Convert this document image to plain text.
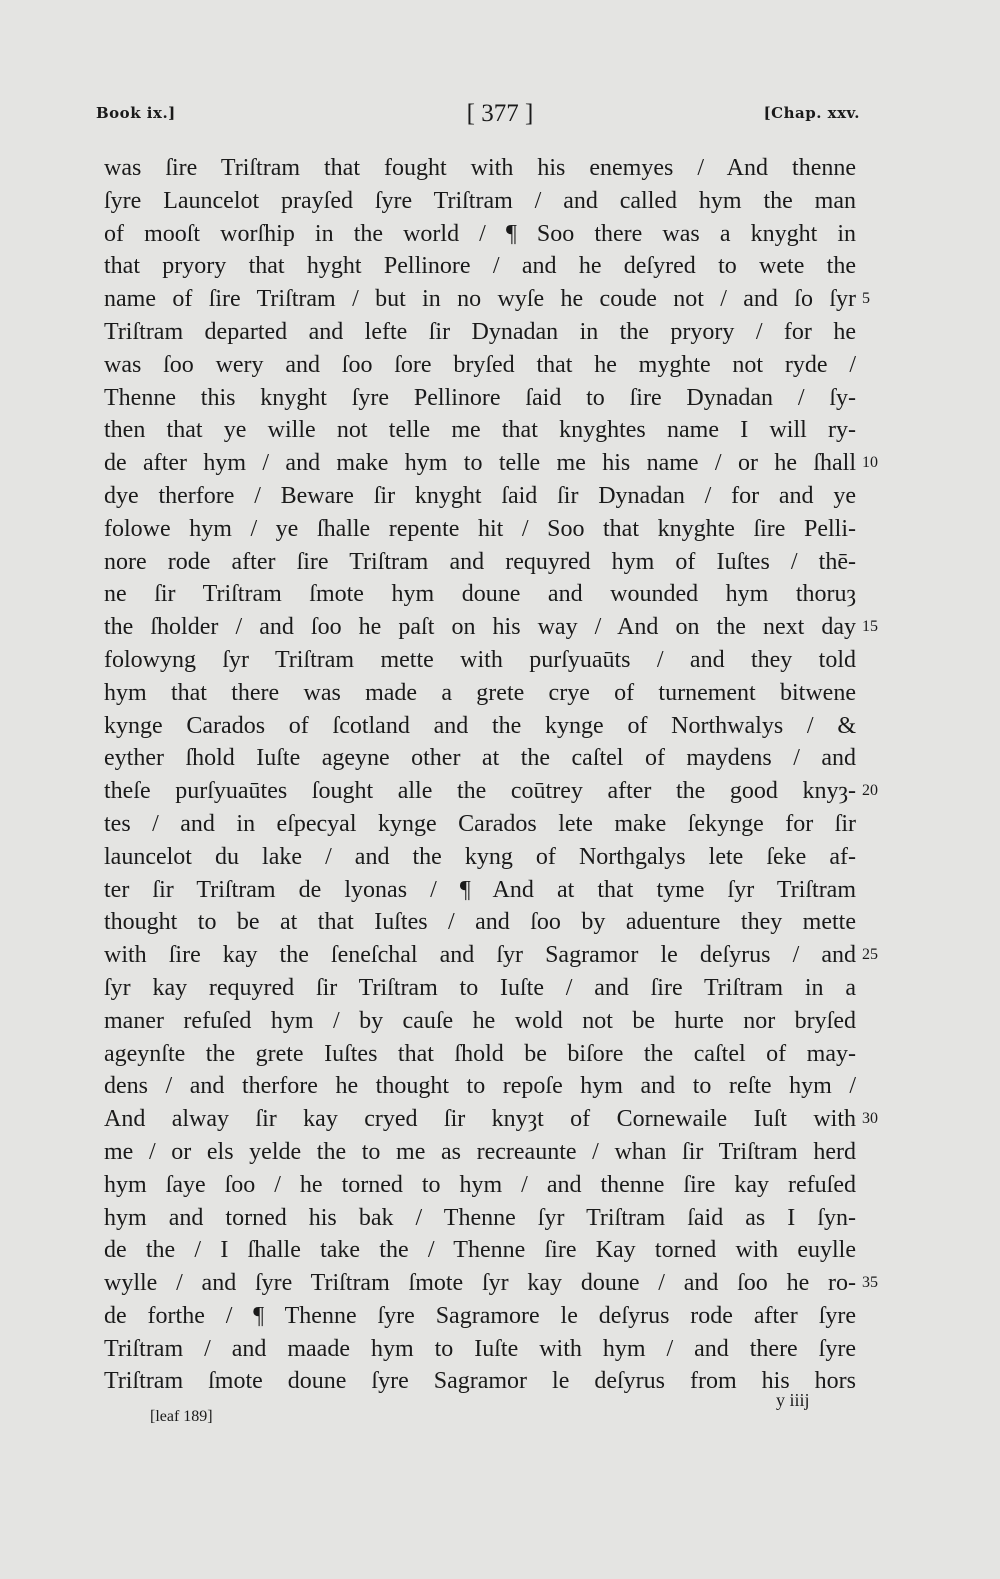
Book ix.]	[ 377 ]	[Chap. xxv.
was ſire Triſtram that fought with his enemyes / And thenne
ſyre Launcelot prayſed ſyre Triſtram / and called hym the man
of mooſt worſhip in the world / ¶ Soo there was a knyght in
that pryory that hyght Pellinore / and he deſyred to wete the
name of ſire Triſtram / but in no wyſe he coude not / and ſo ſyr
Triſtram departed and lefte ſir Dynadan in the pryory / for he
was ſoo wery and ſoo ſore bryſed that he myghte not ryde /
Thenne this knyght ſyre Pellinore ſaid to ſire Dynadan / ſy-
then that ye wille not telle me that knyghtes name I will ry-
de after hym / and make hym to telle me his name / or he ſhall
dye therfore / Beware ſir knyght ſaid ſir Dynadan / for and ye
folowe hym / ye ſhalle repente hit / Soo that knyghte ſire Pelli-
nore rode after ſire Triſtram and requyred hym of Iuſtes / thē-
ne ſir Triſtram ſmote hym doune and wounded hym thoruȝ
the ſholder / and ſoo he paſt on his way / And on the next day
folowyng ſyr Triſtram mette with purſyuaūts / and they told
hym that there was made a grete crye of turnement bitwene
kynge Carados of ſcotland and the kynge of Northwalys / &
eyther ſhold Iuſte ageyne other at the caſtel of maydens / and
theſe purſyuaūtes ſought alle the coūtrey after the good knyȝ-
tes / and in eſpecyal kynge Carados lete make ſekynge for ſir
launcelot du lake / and the kyng of Northgalys lete ſeke af-
ter ſir Triſtram de lyonas / ¶ And at that tyme ſyr Triſtram
thought to be at that Iuſtes / and ſoo by aduenture they mette
with ſire kay the ſeneſchal and ſyr Sagramor le deſyrus / and
ſyr kay requyred ſir Triſtram to Iuſte / and ſire Triſtram in a
maner refuſed hym / by cauſe he wold not be hurte nor bryſed
ageynſte the grete Iuſtes that ſhold be biſore the caſtel of may-
dens / and therfore he thought to repoſe hym and to reſte hym /
And alway ſir kay cryed ſir knyȝt of Cornewaile Iuſt with
me / or els yelde the to me as recreaunte / whan ſir Triſtram herd
hym ſaye ſoo / he torned to hym / and thenne ſire kay refuſed
hym and torned his bak / Thenne ſyr Triſtram ſaid as I ſyn-
de the / I ſhalle take the / Thenne ſire Kay torned with euylle
wylle / and ſyre Triſtram ſmote ſyr kay doune / and ſoo he ro-
de forthe / ¶ Thenne ſyre Sagramore le deſyrus rode after ſyre
Triſtram / and maade hym to Iuſte with hym / and there ſyre
Triſtram ſmote doune ſyre Sagramor le deſyrus from his hors
5
10
15
20
25
30
35
[leaf 189]
y iiij
